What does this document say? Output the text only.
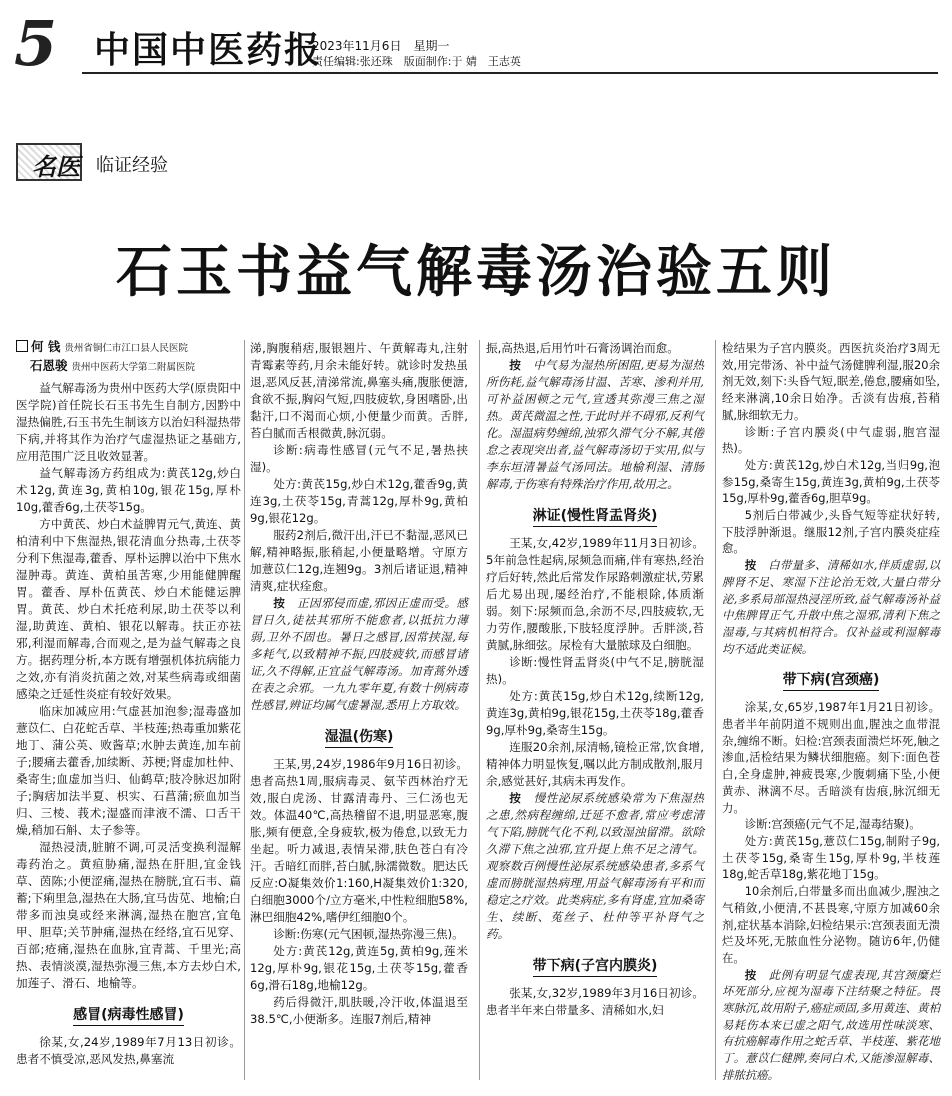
5	中国中医药报
2023年11月6日　星期一
责任编辑:张还珠　版面制作:于 婧　王志英
名医 临证经验
石玉书益气解毒汤治验五则
何 钱 贵州省铜仁市江口县人民医院
石恩骏 贵州中医药大学第二附属医院

益气解毒汤为贵州中医药大学(原贵阳中医学院)首任院长石玉书先生自制方,因黔中湿热偏胜,石玉书先生制该方以治妇科湿热带下病,并将其作为治疗气虚湿热证之基础方,应用范围广泛且收效显著。

益气解毒汤方药组成为:黄芪12g,炒白术12g,黄连3g,黄柏10g,银花15g,厚朴10g,藿香6g,土茯苓15g。

方中黄芪、炒白术益脾胃元气,黄连、黄柏清利中下焦湿热,银花清血分热毒,土茯苓分利下焦湿毒,藿香、厚朴运脾以治中下焦水湿肿毒。黄连、黄柏虽苦寒,少用能健脾醒胃。藿香、厚朴伍黄芪、炒白术能健运脾胃。黄芪、炒白术托疮利尿,助土茯苓以利湿,助黄连、黄柏、银花以解毒。扶正亦祛邪,利湿而解毒,合而观之,是为益气解毒之良方。据药理分析,本方既有增强机体抗病能力之效,亦有消炎抗菌之效,对某些病毒或细菌感染之迁延性炎症有较好效果。

临床加减应用:气虚甚加泡参;湿毒盛加薏苡仁、白花蛇舌草、半枝莲;热毒重加紫花地丁、蒲公英、败酱草;水肿去黄连,加车前子;腰痛去藿香,加续断、苏梗;肾虚加杜仲、桑寄生;血虚加当归、仙鹤草;肢冷脉迟加附子;胸痞加法半夏、枳实、石菖蒲;瘀血加当归、三棱、莪术;湿盛而津液不濡、口舌干燥,稍加石斛、太子参等。

湿热浸渍,脏腑不调,可灵活变换利湿解毒药治之。黄疸胁痛,湿热在肝胆,宜金钱草、茵陈;小便涩痛,湿热在膀胱,宜石韦、萹蓄;下痢里急,湿热在大肠,宜马齿苋、地榆;白带多而浊臭或经来淋漓,湿热在胞宫,宜龟甲、胆草;关节肿痛,湿热在经络,宜石见穿、百部;疮痛,湿热在血脉,宜青蒿、千里光;高热、表情淡漠,湿热弥漫三焦,本方去炒白术,加莲子、滑石、地榆等。

感冒(病毒性感冒)

徐某,女,24岁,1989年7月13日初诊。患者不慎受凉,恶风发热,鼻塞流

涕,胸腹稍痞,服银翘片、午黄解毒丸,注射青霉素等药,月余未能好转。就诊时发热虽退,恶风反甚,清涕常流,鼻塞头痛,腹胀便溏,食欲不振,胸闷气短,四肢疲软,身困嗜卧,出黏汗,口不渴而心烦,小便量少而黄。舌胖,苔白腻而舌根微黄,脉沉弱。

诊断:病毒性感冒(元气不足,暑热挟湿)。

处方:黄芪15g,炒白术12g,藿香9g,黄连3g,土茯苓15g,青蒿12g,厚朴9g,黄柏9g,银花12g。

服药2剂后,微汗出,汗已不黏湿,恶风已解,精神略振,胀稍起,小便量略增。守原方加薏苡仁12g,连翘9g。3剂后诸证退,精神清爽,症状痊愈。

按　 正因邪侵而虚,邪因正虚而受。感冒日久,徒祛其邪所不能愈者,以抵抗力薄弱,卫外不固也。暑日之感冒,因常挟湿,每多耗气,以致精神不振,四肢疲软,而感冒诸证,久不得解,正宜益气解毒汤。加青蒿外透在表之余邪。一九九零年夏,有数十例病毒性感冒,辨证均属气虚暑湿,悉用上方取效。

湿温(伤寒)

王某,男,24岁,1986年9月16日初诊。患者高热1周,服病毒灵、氨苄西林治疗无效,服白虎汤、甘露清毒丹、三仁汤也无效。体温40℃,高热稽留不退,明显恶寒,腹胀,频有便意,全身疲软,极为倦怠,以致无力坐起。听力减退,表情呆滞,肤色苍白有冷汗。舌暗红而胖,苔白腻,脉濡微数。肥达氏反应:O凝集效价1:160,H凝集效价1:320,白细胞3000个/立方毫米,中性粒细胞58%,淋巴细胞42%,嗜伊红细胞0个。

诊断:伤寒(元气困顿,湿热弥漫三焦)。

处方:黄芪12g,黄连5g,黄柏9g,莲米12g,厚朴9g,银花15g,土茯苓15g,藿香6g,滑石18g,地榆12g。

药后得微汗,肌肤暖,冷汗收,体温退至38.5℃,小便渐多。连服7剂后,精神

振,高热退,后用竹叶石膏汤调治而愈。

按　 中气易为湿热所困阻,更易为湿热所伤耗,益气解毒汤甘温、苦寒、渗利并用,可补益困顿之元气,宣透其弥漫三焦之湿热。黄芪微温之性,于此时并不碍邪,反利气化。湿温病势缠绵,浊邪久滞气分不解,其倦怠之表现突出者,益气解毒汤切于实用,似与李东垣清暑益气汤同法。地榆利湿、清肠解毒,于伤寒有特殊治疗作用,故用之。

淋证(慢性肾盂肾炎)

王某,女,42岁,1989年11月3日初诊。5年前急性起病,尿频急而痛,伴有寒热,经治疗后好转,然此后常发作尿路刺激症状,劳累后尤易出现,屡经治疗,不能根除,体质渐弱。刻下:尿频而急,余沥不尽,四肢疲软,无力劳作,腰酸胀,下肢轻度浮肿。舌胖淡,苔黄腻,脉细弦。尿检有大量脓球及白细胞。

诊断:慢性肾盂肾炎(中气不足,膀胱湿热)。

处方:黄芪15g,炒白术12g,续断12g,黄连3g,黄柏9g,银花15g,土茯苓18g,藿香9g,厚朴9g,桑寄生15g。

连服20余剂,尿清畅,镜检正常,饮食增,精神体力明显恢复,嘱以此方制成散剂,服月余,感觉甚好,其病未再发作。

按　 慢性泌尿系统感染常为下焦湿热之患,然病程缠绵,迁延不愈者,常应考虑清气下陷,膀胱气化不利,以致湿浊留滞。欲除久滞下焦之浊邪,宜升提上焦不足之清气。观察数百例慢性泌尿系统感染患者,多系气虚而膀胱湿热病理,用益气解毒汤有平和而稳定之疗效。此类病症,多有肾虚,宜加桑寄生、续断、菟丝子、杜仲等平补肾气之药。

带下病(子宫内膜炎)

张某,女,32岁,1989年3月16日初诊。患者半年来白带量多、清稀如水,妇

检结果为子宫内膜炎。西医抗炎治疗3周无效,用完带汤、补中益气汤健脾利湿,服20余剂无效,刻下:头昏气短,眠差,倦怠,腰痛如坠,经来淋漓,10余日始净。舌淡有齿痕,苔稍腻,脉细软无力。

诊断:子宫内膜炎(中气虚弱,胞宫湿热)。

处方:黄芪12g,炒白术12g,当归9g,泡参15g,桑寄生15g,黄连3g,黄柏9g,土茯苓15g,厚朴9g,藿香6g,胆草9g。

5剂后白带减少,头昏气短等症状好转,下肢浮肿渐退。继服12剂,子宫内膜炎症痊愈。

按　 白带量多、清稀如水,伴质虚弱,以脾肾不足、寒湿下注论治无效,大量白带分泌,多系局部湿热浸淫所致,益气解毒汤补益中焦脾胃正气,升散中焦之湿邪,清利下焦之湿毒,与其病机相符合。仅补益或利湿解毒均不适此类证候。

带下病(宫颈癌)

涂某,女,65岁,1987年1月21日初诊。患者半年前阴道不规则出血,腥浊之血带混杂,缠绵不断。妇检:宫颈表面溃烂坏死,触之渗血,活检结果为鳞状细胞癌。刻下:面色苍白,全身虚肿,神疲畏寒,少腹刺痛下坠,小便黄赤、淋漓不尽。舌暗淡有齿痕,脉沉细无力。

诊断:宫颈癌(元气不足,湿毒结聚)。

处方:黄芪15g,薏苡仁15g,制附子9g,土茯苓15g,桑寄生15g,厚朴9g,半枝莲18g,蛇舌草18g,紫花地丁15g。

10余剂后,白带量多而出血减少,腥浊之气稍敛,小便清,不甚畏寒,守原方加减60余剂,症状基本消除,妇检结果示:宫颈表面无溃烂及坏死,无脓血性分泌物。随访6年,仍健在。

按　 此例有明显气虚表现,其宫颈糜烂坏死部分,应视为湿毒下注结聚之特征。畏寒脉沉,故用附子,癌症顽固,多用黄连、黄柏易耗伤本来已虚之阳气,故选用性味淡寒、有抗癌解毒作用之蛇舌草、半枝莲、紫花地丁。薏苡仁健脾,奏同白术,又能渗湿解毒、排脓抗癌。
